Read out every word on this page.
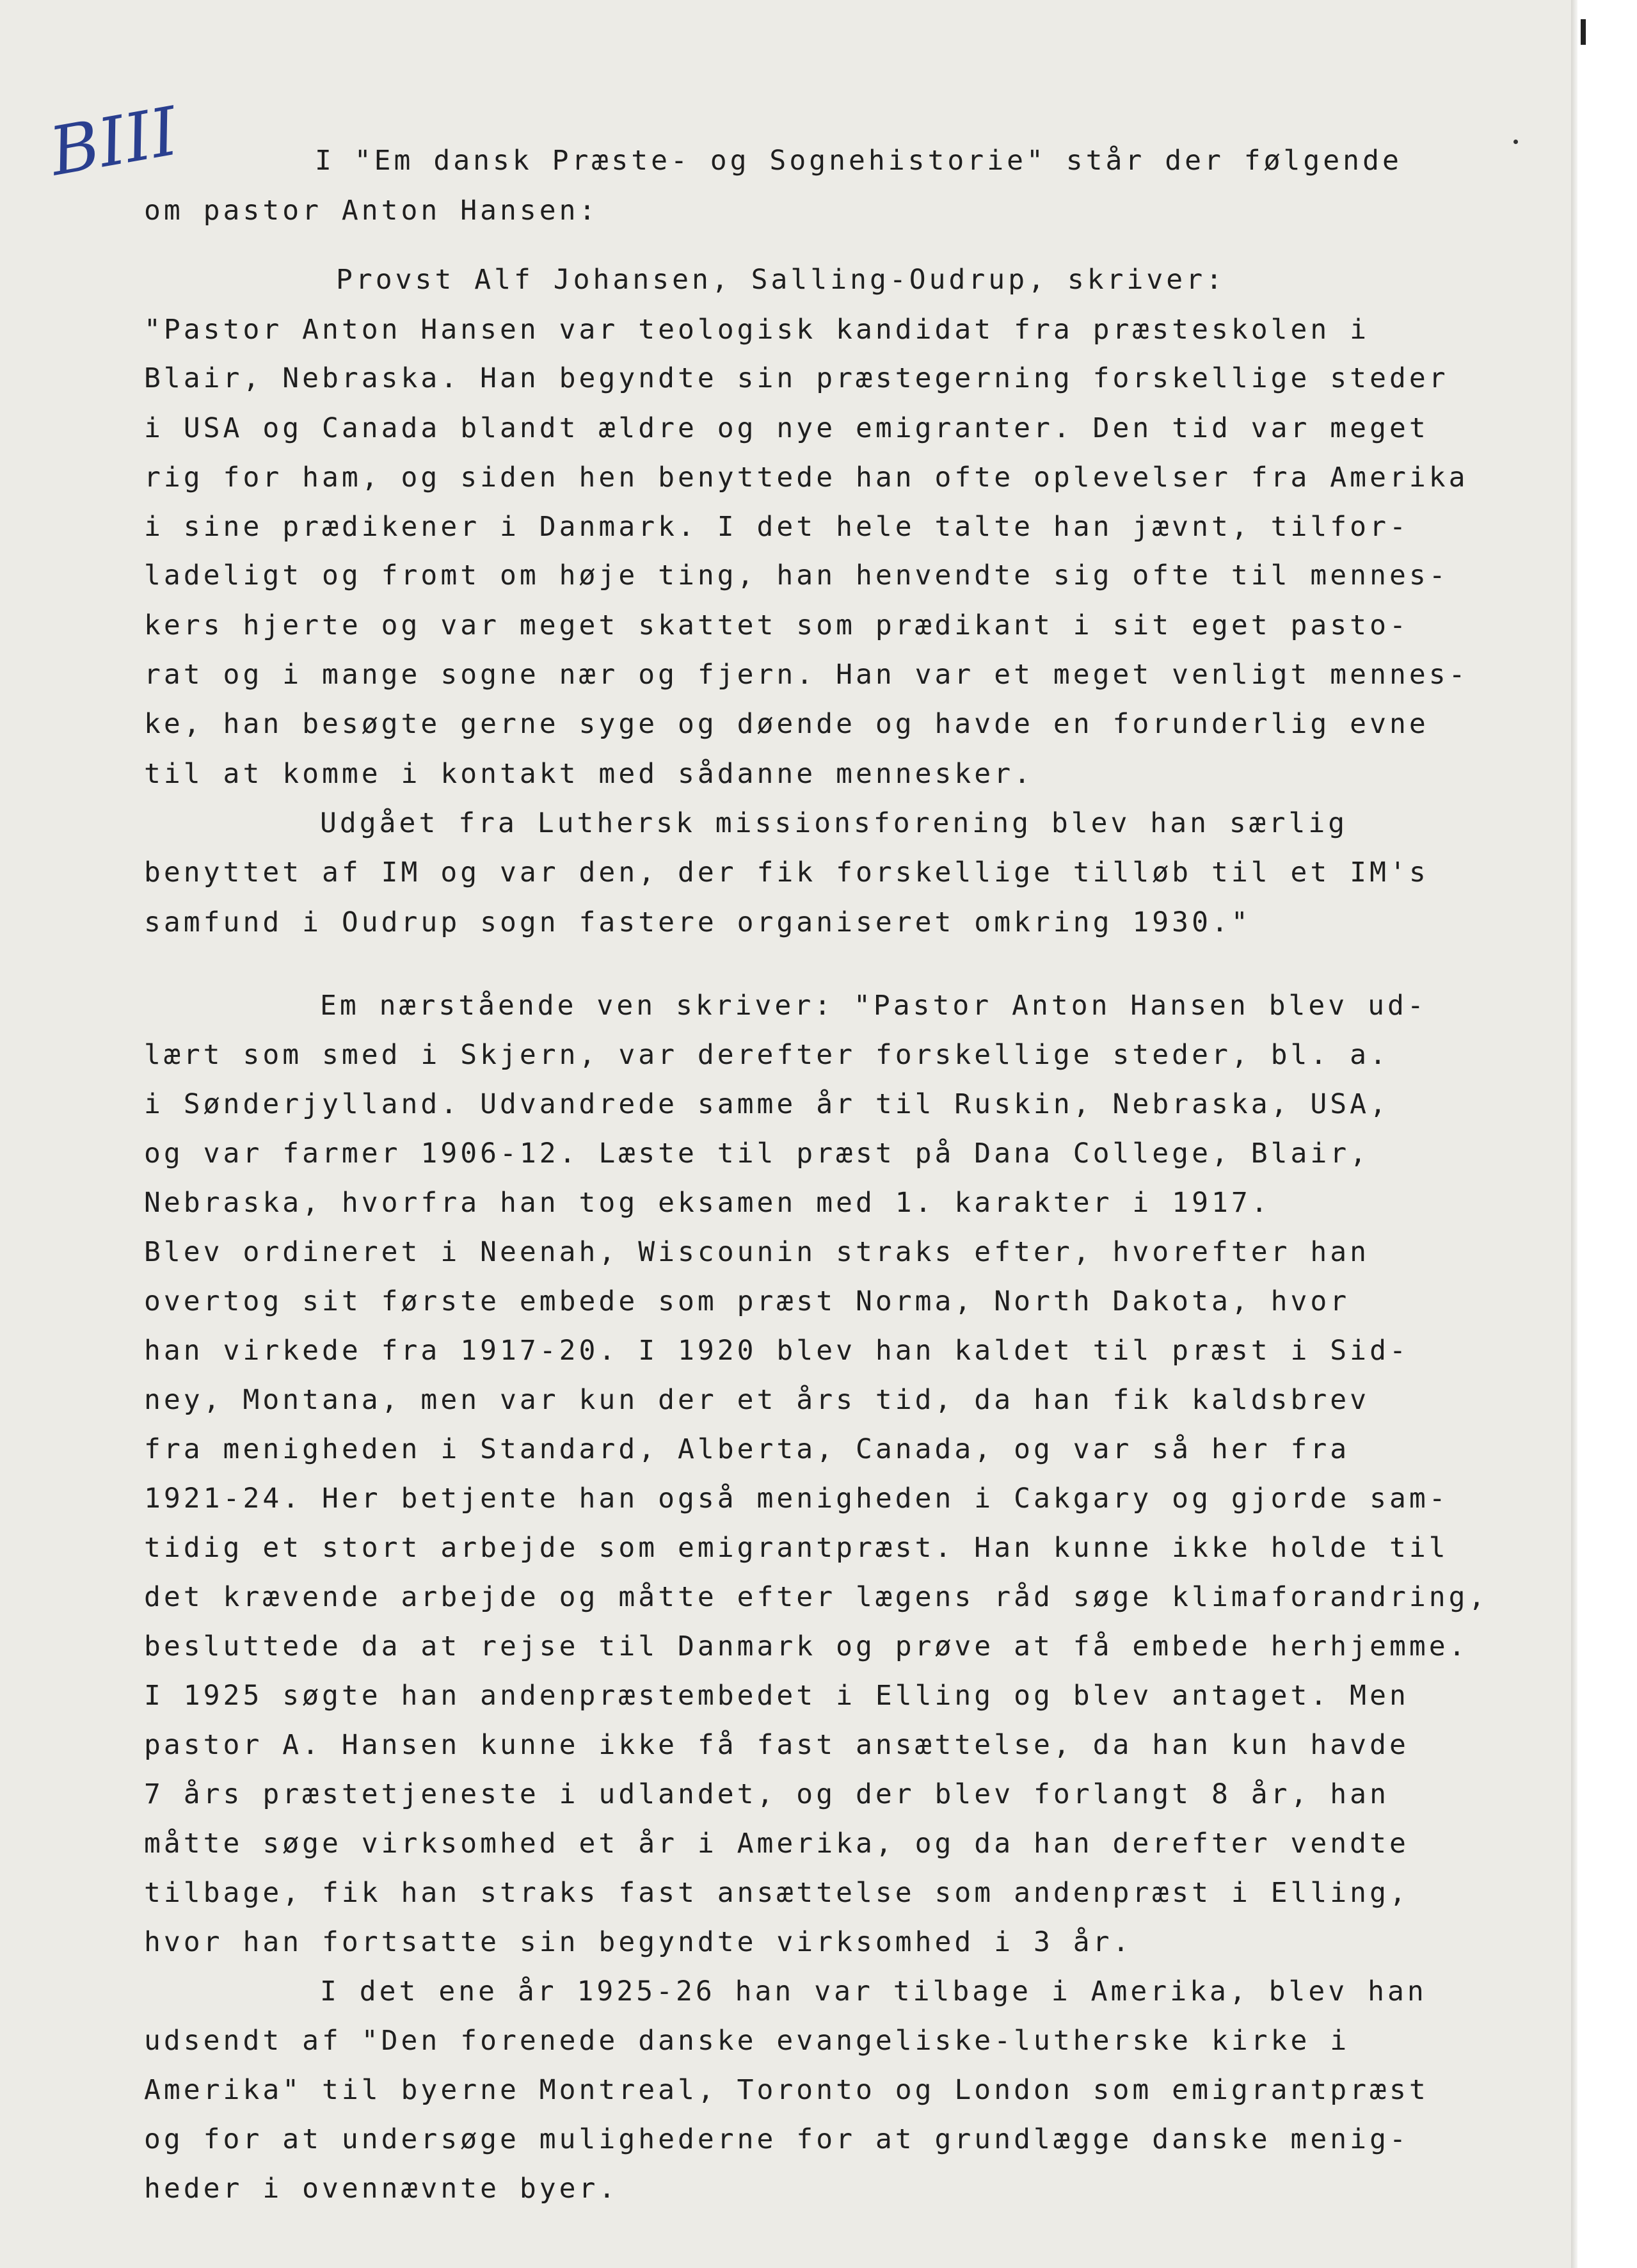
BIII	I "Em dansk Præste- og Sognehistorie" står der følgende
om pastor Anton Hansen:
Provst Alf Johansen, Salling-Oudrup, skriver:
"Pastor Anton Hansen var teologisk kandidat fra præsteskolen i
Blair, Nebraska. Han begyndte sin præstegerning forskellige steder
i USA og Canada blandt ældre og nye emigranter. Den tid var meget
rig for ham, og siden hen benyttede han ofte oplevelser fra Amerika
i sine prædikener i Danmark. I det hele talte han jævnt, tilfor-
ladeligt og fromt om høje ting, han henvendte sig ofte til mennes-
kers hjerte og var meget skattet som prædikant i sit eget pasto-
rat og i mange sogne nær og fjern. Han var et meget venligt mennes-
ke, han besøgte gerne syge og døende og havde en forunderlig evne
til at komme i kontakt med sådanne mennesker.
Udgået fra Luthersk missionsforening blev han særlig
benyttet af IM og var den, der fik forskellige tilløb til et IM's
samfund i Oudrup sogn fastere organiseret omkring 1930."
Em nærstående ven skriver: "Pastor Anton Hansen blev ud-
lært som smed i Skjern, var derefter forskellige steder, bl. a.
i Sønderjylland. Udvandrede samme år til Ruskin, Nebraska, USA,
og var farmer 1906-12. Læste til præst på Dana College, Blair,
Nebraska, hvorfra han tog eksamen med 1. karakter i 1917.
Blev ordineret i Neenah, Wiscounin straks efter, hvorefter han
overtog sit første embede som præst Norma, North Dakota, hvor
han virkede fra 1917-20. I 1920 blev han kaldet til præst i Sid-
ney, Montana, men var kun der et års tid, da han fik kaldsbrev
fra menigheden i Standard, Alberta, Canada, og var så her fra
1921-24. Her betjente han også menigheden i Cakgary og gjorde sam-
tidig et stort arbejde som emigrantpræst. Han kunne ikke holde til
det krævende arbejde og måtte efter lægens råd søge klimaforandring,
besluttede da at rejse til Danmark og prøve at få embede herhjemme.
I 1925 søgte han andenpræstembedet i Elling og blev antaget. Men
pastor A. Hansen kunne ikke få fast ansættelse, da han kun havde
7 års præstetjeneste i udlandet, og der blev forlangt 8 år, han
måtte søge virksomhed et år i Amerika, og da han derefter vendte
tilbage, fik han straks fast ansættelse som andenpræst i Elling,
hvor han fortsatte sin begyndte virksomhed i 3 år.
I det ene år 1925-26 han var tilbage i Amerika, blev han
udsendt af "Den forenede danske evangeliske-lutherske kirke i
Amerika" til byerne Montreal, Toronto og London som emigrantpræst
og for at undersøge mulighederne for at grundlægge danske menig-
heder i ovennævnte byer.
